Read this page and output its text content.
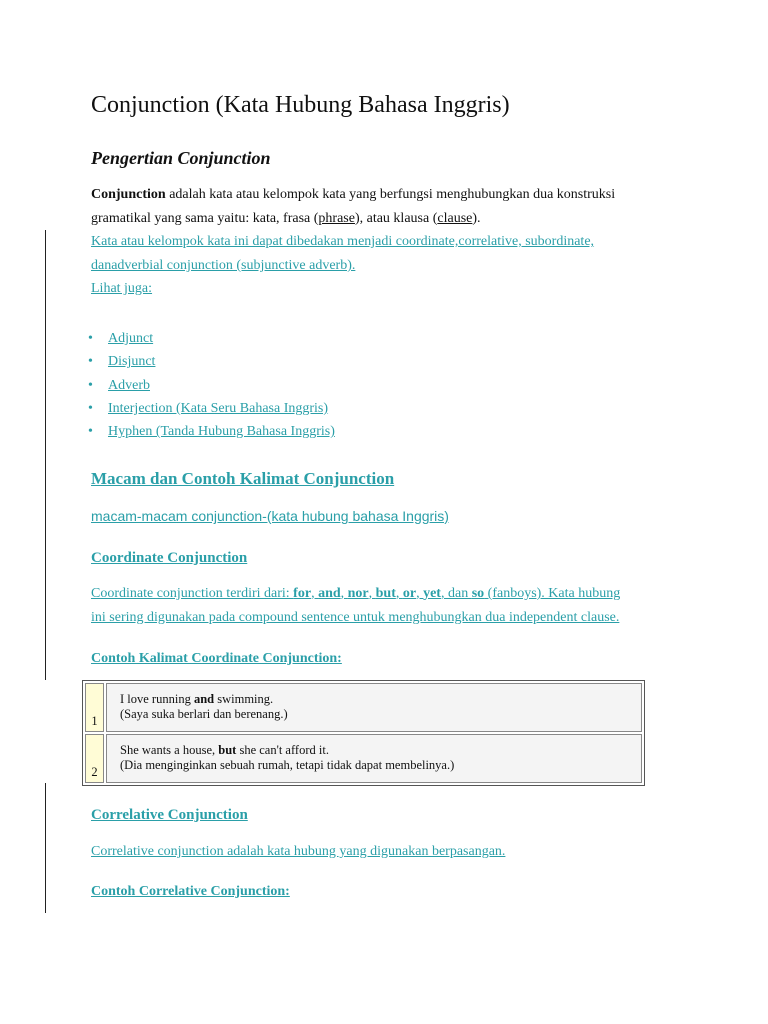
Conjunction (Kata Hubung Bahasa Inggris)
Pengertian Conjunction
Conjunction adalah kata atau kelompok kata yang berfungsi menghubungkan dua konstruksi
gramatikal yang sama yaitu: kata, frasa (phrase), atau klausa (clause).
Kata atau kelompok kata ini dapat dibedakan menjadi coordinate,correlative, subordinate,
danadverbial conjunction (subjunctive adverb).
Lihat juga:
• Adjunct
• Disjunct
• Adverb
• Interjection (Kata Seru Bahasa Inggris)
• Hyphen (Tanda Hubung Bahasa Inggris)
Macam dan Contoh Kalimat Conjunction
macam-macam conjunction-(kata hubung bahasa Inggris)
Coordinate Conjunction
Coordinate conjunction terdiri dari: for, and, nor, but, or, yet, dan so (fanboys). Kata hubung
ini sering digunakan pada compound sentence untuk menghubungkan dua independent clause.
Contoh Kalimat Coordinate Conjunction:
1	I love running and swimming.
(Saya suka berlari dan berenang.)

2	She wants a house, but she can't afford it.
(Dia menginginkan sebuah rumah, tetapi tidak dapat membelinya.)
Correlative Conjunction
Correlative conjunction adalah kata hubung yang digunakan berpasangan.
Contoh Correlative Conjunction:
